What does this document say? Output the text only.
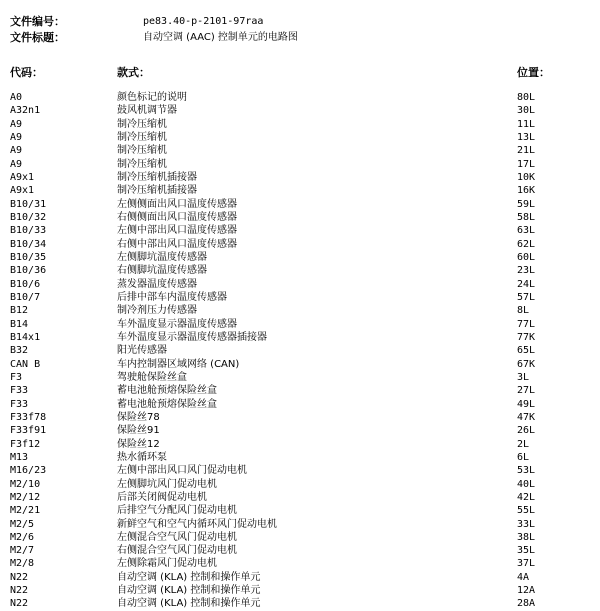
文件编号：	pe83.40-p-2101-97raa
文件标题：	自动空调 (AAC) 控制单元的电路图
代码：	款式：	位置：
A0	颜色标记的说明	80L
A32n1	鼓风机调节器	30L
A9	制冷压缩机	11L
A9	制冷压缩机	13L
A9	制冷压缩机	21L
A9	制冷压缩机	17L
A9x1	制冷压缩机插接器	10K
A9x1	制冷压缩机插接器	16K
B10/31	左侧侧面出风口温度传感器	59L
B10/32	右侧侧面出风口温度传感器	58L
B10/33	左侧中部出风口温度传感器	63L
B10/34	右侧中部出风口温度传感器	62L
B10/35	左侧脚坑温度传感器	60L
B10/36	右侧脚坑温度传感器	23L
B10/6	蒸发器温度传感器	24L
B10/7	后排中部车内温度传感器	57L
B12	制冷剂压力传感器	8L
B14	车外温度显示器温度传感器	77L
B14x1	车外温度显示器温度传感器插接器	77K
B32	阳光传感器	65L
CAN B	车内控制器区域网络 (CAN)	67K
F3	驾驶舱保险丝盒	3L
F33	蓄电池舱预熔保险丝盒	27L
F33	蓄电池舱预熔保险丝盒	49L
F33f78	保险丝78	47K
F33f91	保险丝91	26L
F3f12	保险丝12	2L
M13	热水循环泵	6L
M16/23	左侧中部出风口风门促动电机	53L
M2/10	左侧脚坑风门促动电机	40L
M2/12	后部关闭阀促动电机	42L
M2/21	后排空气分配风门促动电机	55L
M2/5	新鲜空气和空气内循环风门促动电机	33L
M2/6	左侧混合空气风门促动电机	38L
M2/7	右侧混合空气风门促动电机	35L
M2/8	左侧除霜风门促动电机	37L
N22	自动空调 (KLA) 控制和操作单元	4A
N22	自动空调 (KLA) 控制和操作单元	12A
N22	自动空调 (KLA) 控制和操作单元	28A
